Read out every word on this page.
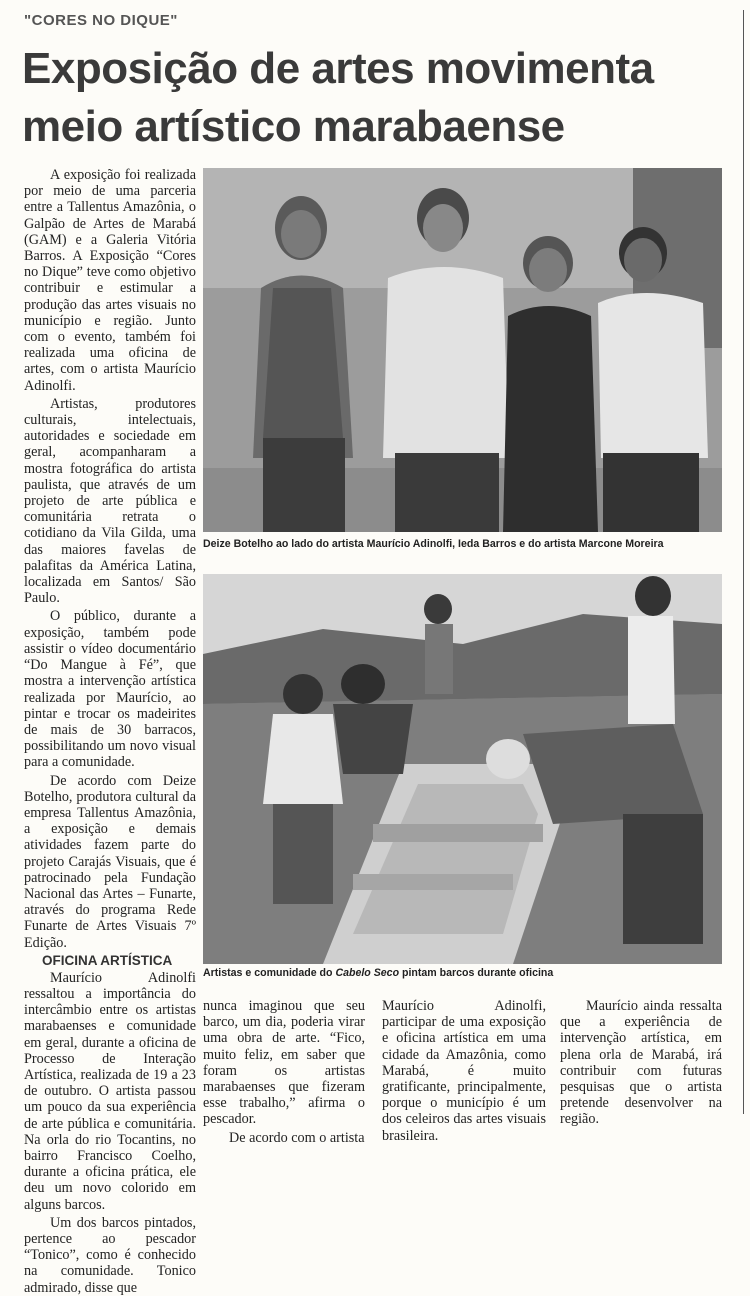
"CORES NO DIQUE"
Exposição de artes movimenta
meio artístico marabaense

A exposição foi realizada por meio de uma parceria entre a Tallentus Amazônia, o Galpão de Artes de Marabá (GAM) e a Galeria Vitória Barros. A Exposição “Cores no Dique” teve como objetivo contribuir e estimular a produção das artes visuais no município e região. Junto com o evento, também foi realizada uma oficina de artes, com o artista Maurício Adinolfi.

Artistas, produtores culturais, intelectuais, autoridades e sociedade em geral, acompanharam a mostra fotográfica do artista paulista, que através de um projeto de arte pública e comunitária retrata o cotidiano da Vila Gilda, uma das maiores favelas de palafitas da América Latina, localizada em Santos/ São Paulo.

O público, durante a exposição, também pode assistir o vídeo documentário “Do Mangue à Fé”, que mostra a intervenção artística realizada por Maurício, ao pintar e trocar os madeirites de mais de 30 barracos, possibilitando um novo visual para a comunidade.

De acordo com Deize Botelho, produtora cultural da empresa Tallentus Amazônia, a exposição e demais atividades fazem parte do projeto Carajás Visuais, que é patrocinado pela Fundação Nacional das Artes – Funarte, através do programa Rede Funarte de Artes Visuais 7º Edição.

OFICINA ARTÍSTICA

Maurício Adinolfi ressaltou a importância do intercâmbio entre os artistas marabaenses e comunidade em geral, durante a oficina de Processo de Interação Artística, realizada de 19 a 23 de outubro. O artista passou um pouco da sua experiência de arte pública e comunitária. Na orla do rio Tocantins, no bairro Francisco Coelho, durante a oficina prática, ele deu um novo colorido em alguns barcos.

Um dos barcos pintados, pertence ao pescador “Tonico”, como é conhecido na comunidade. Tonico admirado, disse que

Deize Botelho ao lado do artista Maurício Adinolfi, Ieda Barros e do artista Marcone Moreira
Artistas e comunidade do Cabelo Seco pintam barcos durante oficina

nunca imaginou que seu barco, um dia, poderia virar uma obra de arte. “Fico, muito feliz, em saber que foram os artistas marabaenses que fizeram esse trabalho,” afirma o pescador.

De acordo com o artista

Maurício Adinolfi, participar de uma exposição e oficina artística em uma cidade da Amazônia, como Marabá, é muito gratificante, principalmente, porque o município é um dos celeiros das artes visuais brasileira.

Maurício ainda ressalta que a experiência de intervenção artística, em plena orla de Marabá, irá contribuir com futuras pesquisas que o artista pretende desenvolver na região.
